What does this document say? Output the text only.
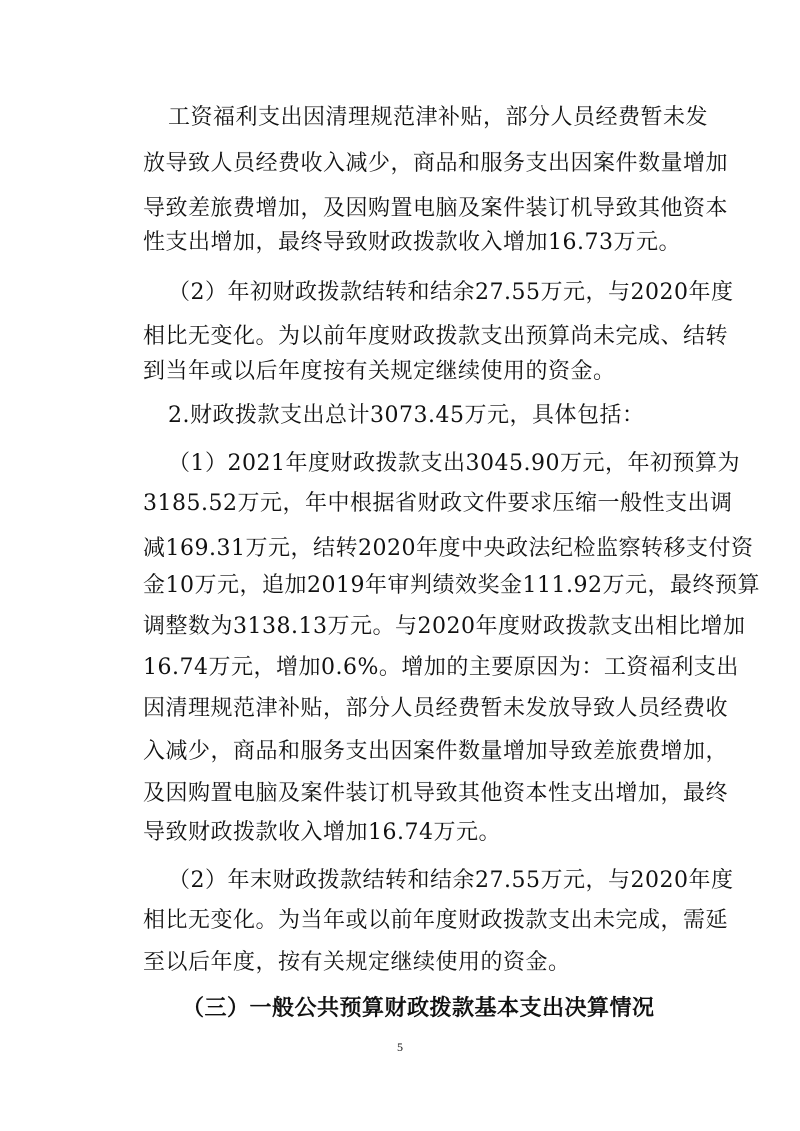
工资福利支出因清理规范津补贴，部分人员经费暂未发
放导致人员经费收入减少，商品和服务支出因案件数量增加
导致差旅费增加，及因购置电脑及案件装订机导致其他资本
性支出增加，最终导致财政拨款收入增加16.73万元。
（2）年初财政拨款结转和结余27.55万元，与2020年度
相比无变化。为以前年度财政拨款支出预算尚未完成、结转
到当年或以后年度按有关规定继续使用的资金。
2.财政拨款支出总计3073.45万元，具体包括：
（1）2021年度财政拨款支出3045.90万元，年初预算为
3185.52万元，年中根据省财政文件要求压缩一般性支出调
减169.31万元，结转2020年度中央政法纪检监察转移支付资
金10万元，追加2019年审判绩效奖金111.92万元，最终预算
调整数为3138.13万元。与2020年度财政拨款支出相比增加
16.74万元，增加0.6%。增加的主要原因为：工资福利支出
因清理规范津补贴，部分人员经费暂未发放导致人员经费收
入减少，商品和服务支出因案件数量增加导致差旅费增加，
及因购置电脑及案件装订机导致其他资本性支出增加，最终
导致财政拨款收入增加16.74万元。
（2）年末财政拨款结转和结余27.55万元，与2020年度
相比无变化。为当年或以前年度财政拨款支出未完成，需延
至以后年度，按有关规定继续使用的资金。
（三）一般公共预算财政拨款基本支出决算情况
5
